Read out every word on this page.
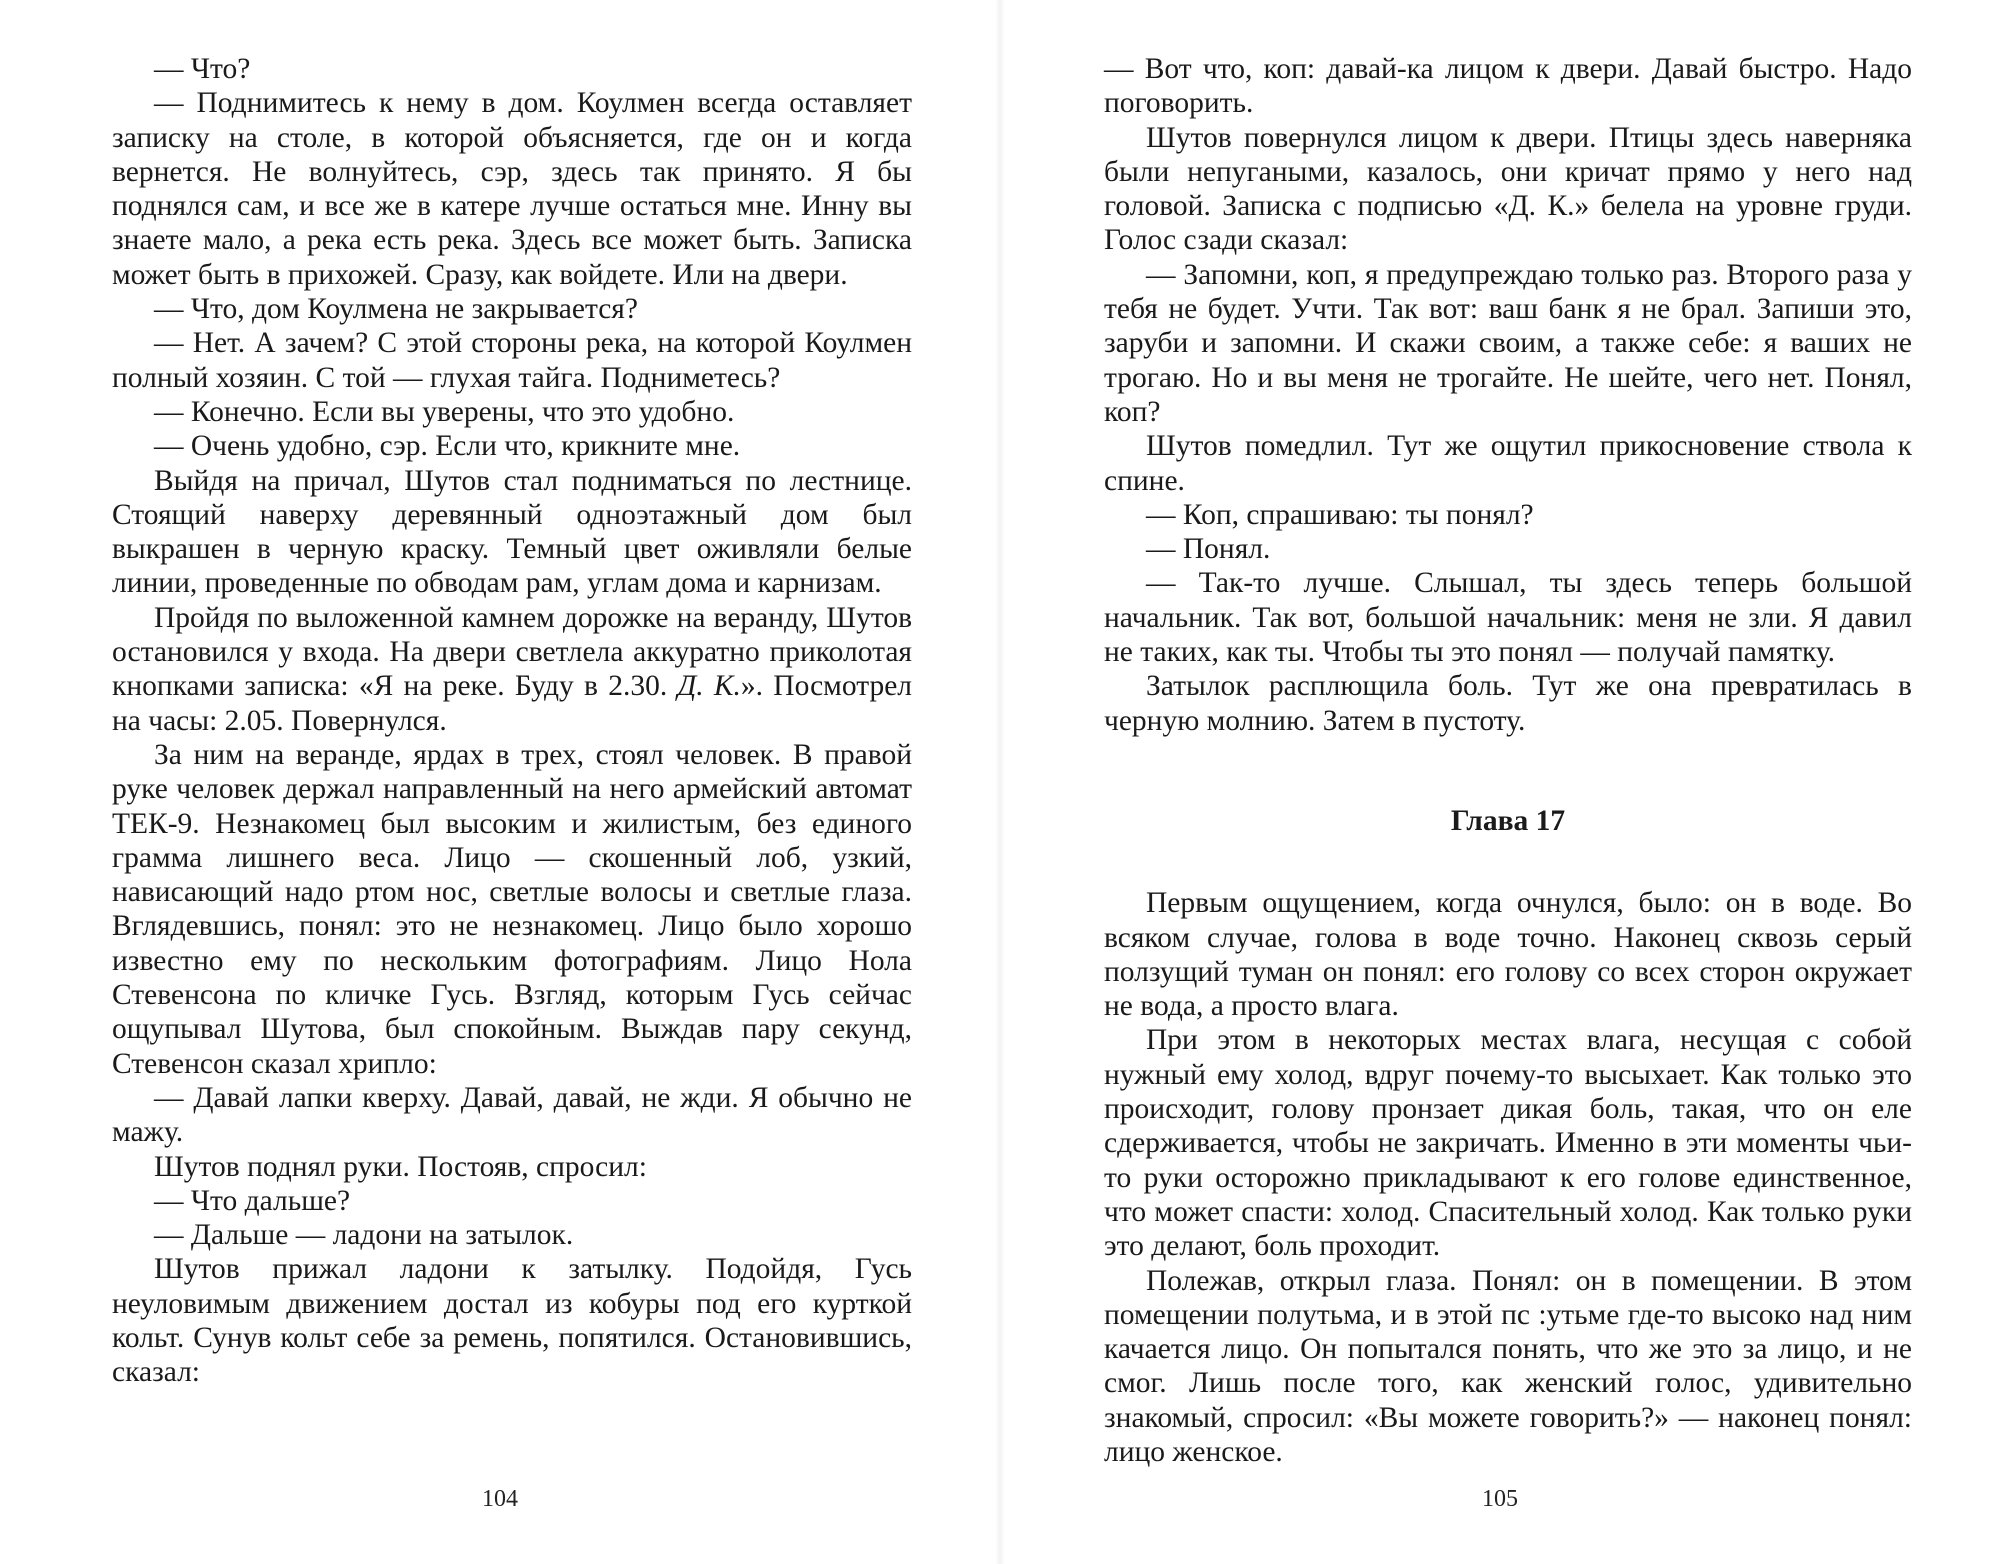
— Что?

— Поднимитесь к нему в дом. Коулмен всегда оставляет записку на столе, в которой объясняется, где он и когда вернется. Не волнуйтесь, сэр, здесь так принято. Я бы поднялся сам, и все же в катере лучше остаться мне. Инну вы знаете мало, а река есть река. Здесь все может быть. Записка может быть в прихожей. Сразу, как войдете. Или на двери.

— Что, дом Коулмена не закрывается?

— Нет. А зачем? С этой стороны река, на которой Коулмен полный хозяин. С той — глухая тайга. Подниметесь?

— Конечно. Если вы уверены, что это удобно.

— Очень удобно, сэр. Если что, крикните мне.

Выйдя на причал, Шутов стал подниматься по лестнице. Стоящий наверху деревянный одноэтажный дом был выкрашен в черную краску. Темный цвет оживляли белые линии, проведенные по обводам рам, углам дома и карнизам.

Пройдя по выложенной камнем дорожке на веранду, Шутов остановился у входа. На двери светлела аккуратно приколотая кнопками записка: «Я на реке. Буду в 2.30. Д. К.». Посмотрел на часы: 2.05. Повернулся.

За ним на веранде, ярдах в трех, стоял человек. В правой руке человек держал направленный на него армейский автомат ТЕК-9. Незнакомец был высоким и жилистым, без единого грамма лишнего веса. Лицо — скошенный лоб, узкий, нависающий надо ртом нос, светлые волосы и светлые глаза. Вглядевшись, понял: это не незнакомец. Лицо было хорошо известно ему по нескольким фотографиям. Лицо Нола Стевенсона по кличке Гусь. Взгляд, которым Гусь сейчас ощупывал Шутова, был спокойным. Выждав пару секунд, Стевенсон сказал хрипло:

— Давай лапки кверху. Давай, давай, не жди. Я обычно не мажу.

Шутов поднял руки. Постояв, спросил:

— Что дальше?

— Дальше — ладони на затылок.

Шутов прижал ладони к затылку. Подойдя, Гусь неуловимым движением достал из кобуры под его курткой кольт. Сунув кольт себе за ремень, попятился. Остановившись, сказал:

104

— Вот что, коп: давай-ка лицом к двери. Давай быстро. Надо поговорить.

Шутов повернулся лицом к двери. Птицы здесь наверняка были непугаными, казалось, они кричат прямо у него над головой. Записка с подписью «Д. К.» белела на уровне груди. Голос сзади сказал:

— Запомни, коп, я предупреждаю только раз. Второго раза у тебя не будет. Учти. Так вот: ваш банк я не брал. Запиши это, заруби и запомни. И скажи своим, а также себе: я ваших не трогаю. Но и вы меня не трогайте. Не шейте, чего нет. Понял, коп?

Шутов помедлил. Тут же ощутил прикосновение ствола к спине.

— Коп, спрашиваю: ты понял?

— Понял.

— Так-то лучше. Слышал, ты здесь теперь большой начальник. Так вот, большой начальник: меня не зли. Я давил не таких, как ты. Чтобы ты это понял — получай памятку.

Затылок расплющила боль. Тут же она превратилась в черную молнию. Затем в пустоту.

Глава 17

Первым ощущением, когда очнулся, было: он в воде. Во всяком случае, голова в воде точно. Наконец сквозь серый ползущий туман он понял: его голову со всех сторон окружает не вода, а просто влага.

При этом в некоторых местах влага, несущая с собой нужный ему холод, вдруг почему-то высыхает. Как только это происходит, голову пронзает дикая боль, такая, что он еле сдерживается, чтобы не закричать. Именно в эти моменты чьи-то руки осторожно прикладывают к его голове единственное, что может спасти: холод. Спасительный холод. Как только руки это делают, боль проходит.

Полежав, открыл глаза. Понял: он в помещении. В этом помещении полутьма, и в этой пс :утьме где-то высоко над ним качается лицо. Он попытался понять, что же это за лицо, и не смог. Лишь после того, как женский голос, удивительно знакомый, спросил: «Вы можете говорить?» — наконец понял: лицо женское.

105
